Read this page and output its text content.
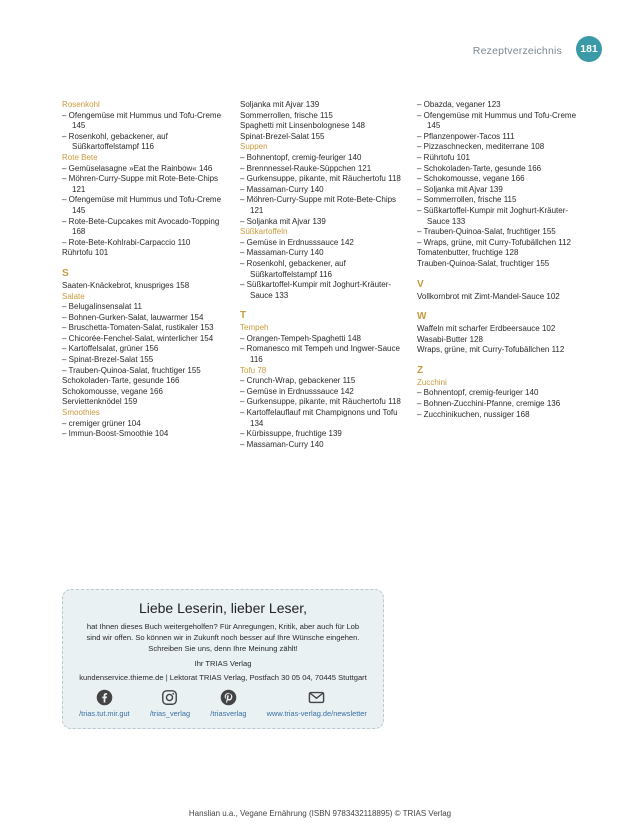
Rezeptverzeichnis	181
Rosenkohl
– Ofengemüse mit Hummus und Tofu-Creme 145
– Rosenkohl, gebackener, auf Süßkartoffelstampf 116
Rote Bete
– Gemüselasagne »Eat the Rainbow« 146
– Möhren-Curry-Suppe mit Rote-Bete-Chips 121
– Ofengemüse mit Hummus und Tofu-Creme 145
– Rote-Bete-Cupcakes mit Avocado-Topping 168
– Rote-Bete-Kohlrabi-Carpaccio 110
Rührtofu 101
S
Saaten-Knäckebrot, knuspriges 158
Salate
– Belugalinsensalat 11
– Bohnen-Gurken-Salat, lauwarmer 154
– Bruschetta-Tomaten-Salat, rustikaler 153
– Chicorée-Fenchel-Salat, winterlicher 154
– Kartoffelsalat, grüner 156
– Spinat-Brezel-Salat 155
– Trauben-Quinoa-Salat, fruchtiger 155
Schokoladen-Tarte, gesunde 166
Schokomousse, vegane 166
Serviettenknödel 159
Smoothies
– cremiger grüner 104
– Immun-Boost-Smoothie 104
Soljanka mit Ajvar 139
Sommerrollen, frische 115
Spaghetti mit Linsenbolognese 148
Spinat-Brezel-Salat 155
Suppen
– Bohnentopf, cremig-feuriger 140
– Brennnessel-Rauke-Süppchen 121
– Gurkensuppe, pikante, mit Räuchertofu 118
– Massaman-Curry 140
– Möhren-Curry-Suppe mit Rote-Bete-Chips 121
– Soljanka mit Ajvar 139
Süßkartoffeln
– Gemüse in Erdnusssauce 142
– Massaman-Curry 140
– Rosenkohl, gebackener, auf Süßkartoffelstampf 116
– Süßkartoffel-Kumpir mit Joghurt-Kräuter-Sauce 133
T
Tempeh
– Orangen-Tempeh-Spaghetti 148
– Romanesco mit Tempeh und Ingwer-Sauce 116
Tofu 78
– Crunch-Wrap, gebackener 115
– Gemüse in Erdnusssauce 142
– Gurkensuppe, pikante, mit Räuchertofu 118
– Kartoffelauflauf mit Champignons und Tofu 134
– Kürbissuppe, fruchtige 139
– Massaman-Curry 140
– Obazda, veganer 123
– Ofengemüse mit Hummus und Tofu-Creme 145
– Pflanzenpower-Tacos 111
– Pizzaschnecken, mediterrane 108
– Rührtofu 101
– Schokoladen-Tarte, gesunde 166
– Schokomousse, vegane 166
– Soljanka mit Ajvar 139
– Sommerrollen, frische 115
– Süßkartoffel-Kumpir mit Joghurt-Kräuter-Sauce 133
– Trauben-Quinoa-Salat, fruchtiger 155
– Wraps, grüne, mit Curry-Tofubällchen 112
Tomatenbutter, fruchtige 128
Trauben-Quinoa-Salat, fruchtiger 155
V
Vollkornbrot mit Zimt-Mandel-Sauce 102
W
Waffeln mit scharfer Erdbeersauce 102
Wasabi-Butter 128
Wraps, grüne, mit Curry-Tofubällchen 112
Z
Zucchini
– Bohnentopf, cremig-feuriger 140
– Bohnen-Zucchini-Pfanne, cremige 136
– Zucchinikuchen, nussiger 168
Liebe Leserin, lieber Leser,
hat Ihnen dieses Buch weitergeholfen? Für Anregungen, Kritik, aber auch für Lob
sind wir offen. So können wir in Zukunft noch besser auf Ihre Wünsche eingehen.
Schreiben Sie uns, denn Ihre Meinung zählt!
Ihr TRIAS Verlag
kundenservice.thieme.de | Lektorat TRIAS Verlag, Postfach 30 05 04, 70445 Stuttgart
/trias.tut.mir.gut	/trias_verlag	/triasverlag	www.trias-verlag.de/newsletter
Hanslian u.a., Vegane Ernährung (ISBN 9783432118895) © TRIAS Verlag
